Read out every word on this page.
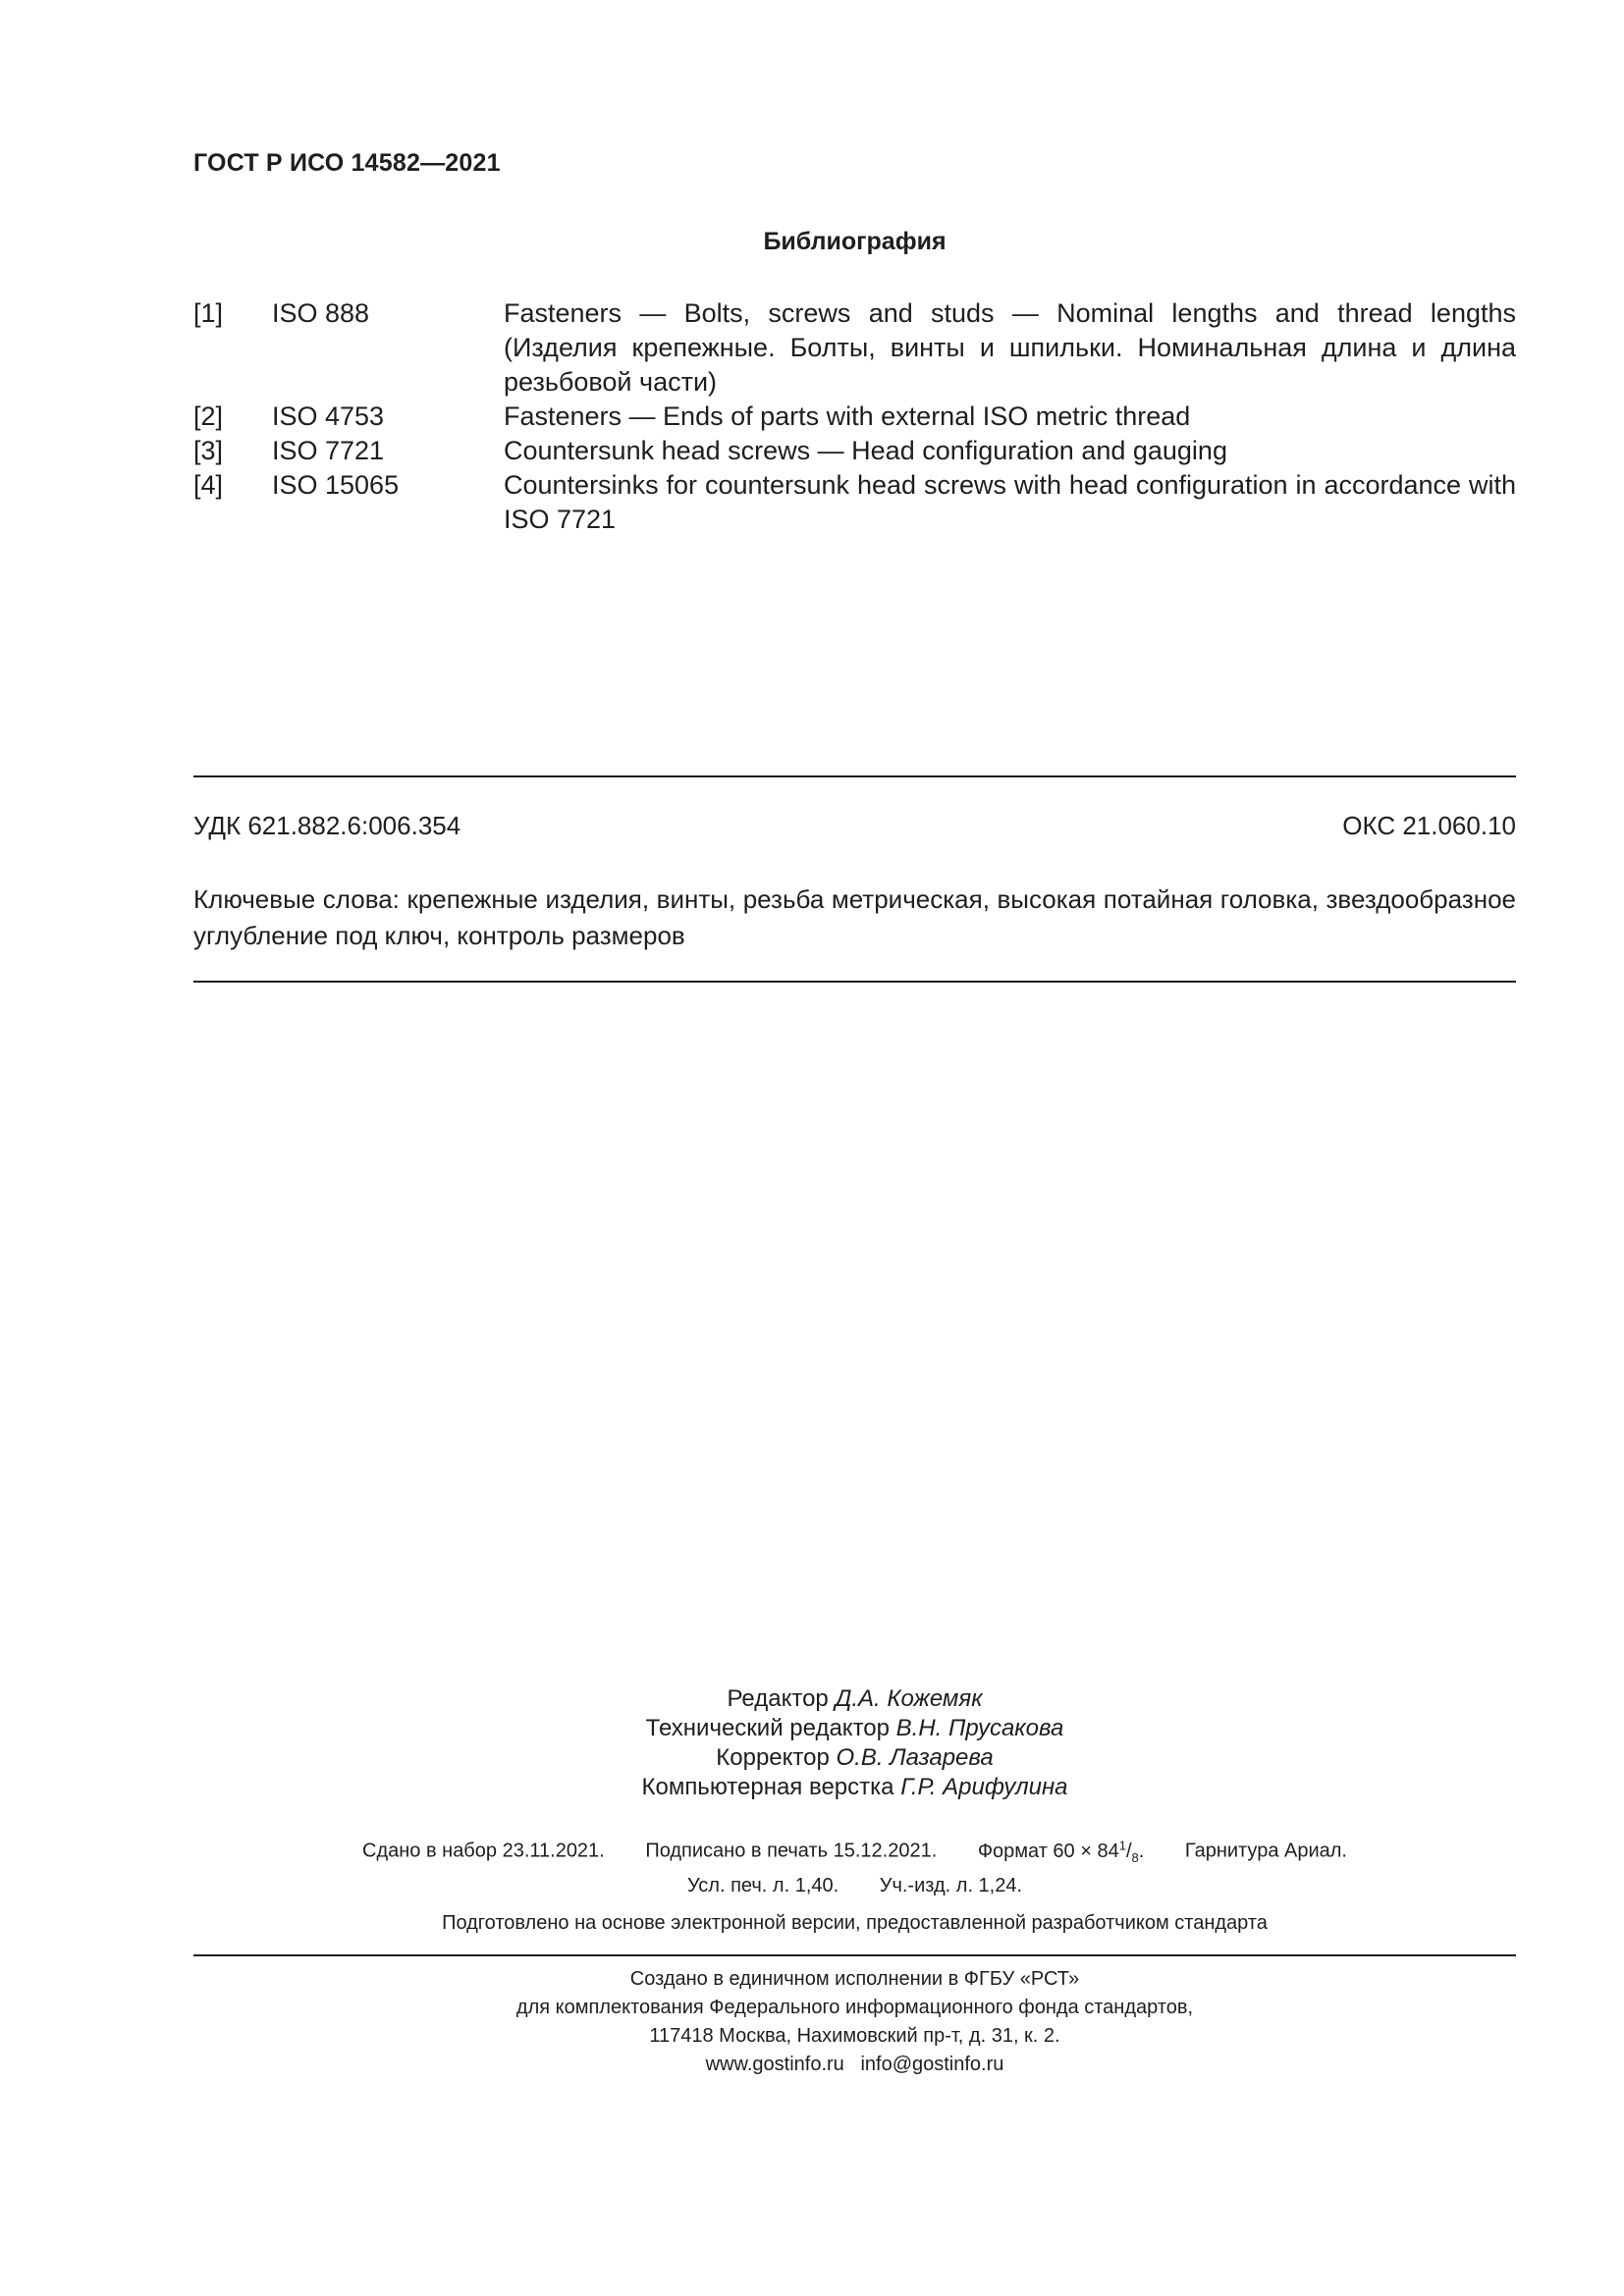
ГОСТ Р ИСО 14582—2021
Библиография
[1]	ISO 888	Fasteners — Bolts, screws and studs — Nominal lengths and thread lengths (Изделия крепежные. Болты, винты и шпильки. Номинальная длина и длина резьбовой части)
[2]	ISO 4753	Fasteners — Ends of parts with external ISO metric thread
[3]	ISO 7721	Countersunk head screws — Head configuration and gauging
[4]	ISO 15065	Countersinks for countersunk head screws with head configuration in accordance with ISO 7721
УДК 621.882.6:006.354	ОКС 21.060.10
Ключевые слова: крепежные изделия, винты, резьба метрическая, высокая потайная головка, звездообразное углубление под ключ, контроль размеров
Редактор Д.А. Кожемяк
Технический редактор В.Н. Прусакова
Корректор О.В. Лазарева
Компьютерная верстка Г.Р. Арифулина
Сдано в набор 23.11.2021. Подписано в печать 15.12.2021. Формат $60 \times 84^1/_8$. Гарнитура Ариал.
Усл. печ. л. 1,40. Уч.-изд. л. 1,24.
Подготовлено на основе электронной версии, предоставленной разработчиком стандарта
Создано в единичном исполнении в ФГБУ «РСТ»
для комплектования Федерального информационного фонда стандартов,
117418 Москва, Нахимовский пр-т, д. 31, к. 2.
www.gostinfo.ru info@gostinfo.ru
